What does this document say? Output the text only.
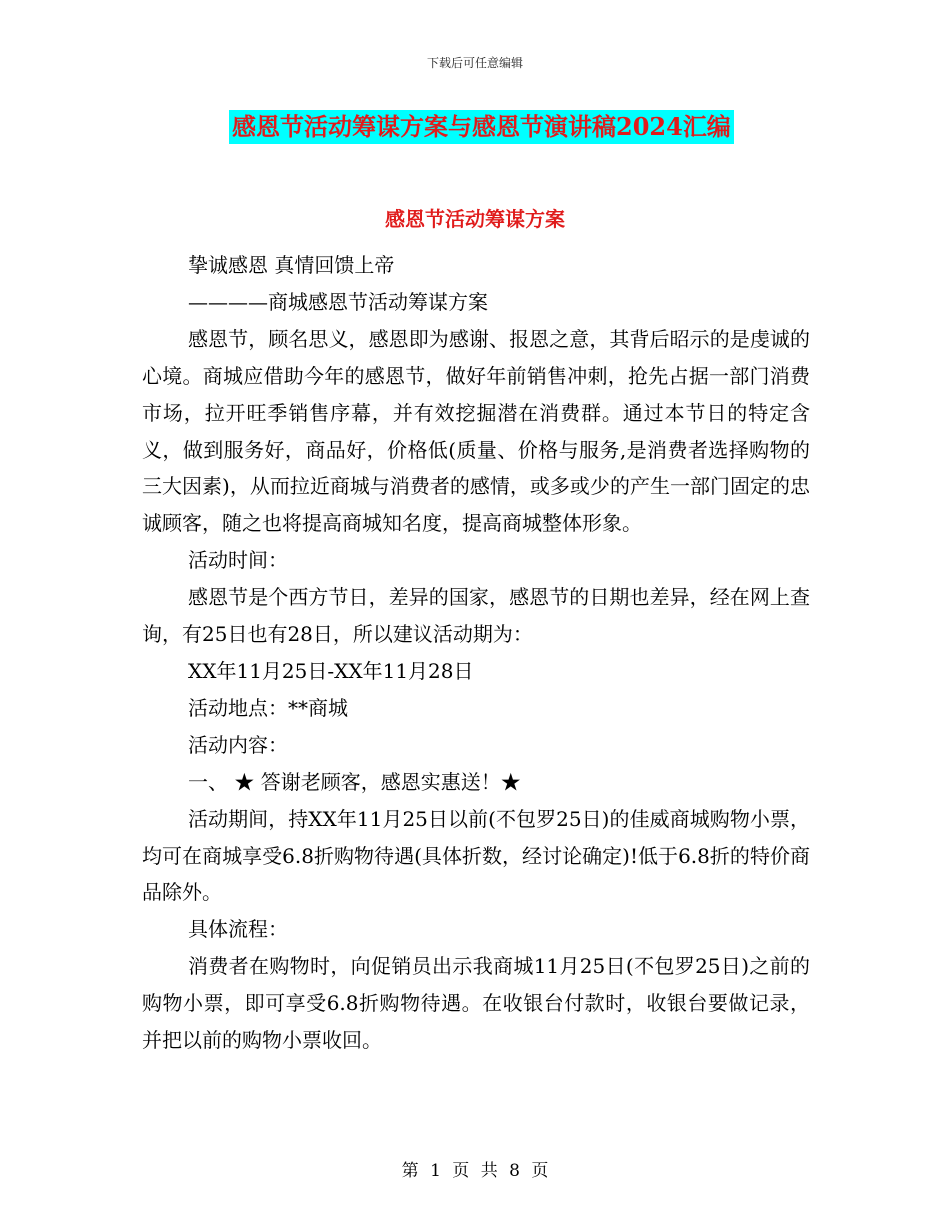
下载后可任意编辑
感恩节活动筹谋方案与感恩节演讲稿2024汇编
感恩节活动筹谋方案

挚诚感恩 真情回馈上帝

————商城感恩节活动筹谋方案

感恩节，顾名思义，感恩即为感谢、报恩之意，其背后昭示的是虔诚的心境。商城应借助今年的感恩节，做好年前销售冲刺，抢先占据一部门消费市场，拉开旺季销售序幕，并有效挖掘潜在消费群。通过本节日的特定含义，做到服务好，商品好，价格低(质量、价格与服务,是消费者选择购物的三大因素)，从而拉近商城与消费者的感情，或多或少的产生一部门固定的忠诚顾客，随之也将提高商城知名度，提高商城整体形象。

活动时间：

感恩节是个西方节日，差异的国家，感恩节的日期也差异，经在网上查询，有25日也有28日，所以建议活动期为：

XX年11月25日-XX年11月28日

活动地点：**商城

活动内容：

一、 ★ 答谢老顾客，感恩实惠送！★

活动期间，持XX年11月25日以前(不包罗25日)的佳威商城购物小票，均可在商城享受6.8折购物待遇(具体折数，经讨论确定)!低于6.8折的特价商品除外。

具体流程：

消费者在购物时，向促销员出示我商城11月25日(不包罗25日)之前的购物小票，即可享受6.8折购物待遇。在收银台付款时，收银台要做记录，并把以前的购物小票收回。

第 1 页 共 8 页
